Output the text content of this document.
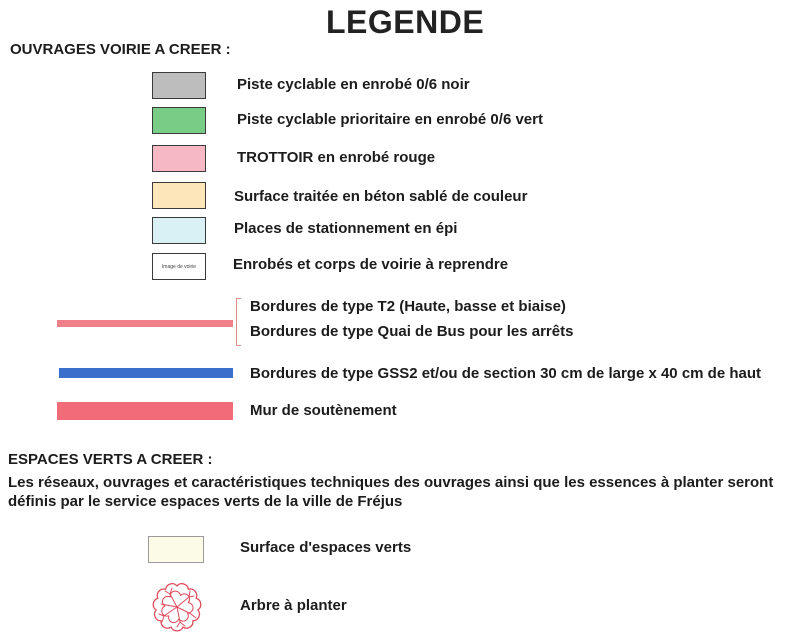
LEGENDE
OUVRAGES VOIRIE A CREER :
Piste cyclable en enrobé 0/6 noir
Piste cyclable prioritaire en enrobé 0/6 vert
TROTTOIR en enrobé rouge
Surface traitée en béton sablé de couleur
Places de stationnement en épi
Image de voirie	Enrobés et corps de voirie à reprendre
Bordures de type T2 (Haute, basse et biaise)
Bordures de type Quai de Bus pour les arrêts
Bordures de type GSS2 et/ou de section 30 cm de large x 40 cm de haut
Mur de soutènement
ESPACES VERTS A CREER :
Les réseaux, ouvrages et caractéristiques techniques des ouvrages ainsi que les essences à planter seront
définis par le service espaces verts de la ville de Fréjus
Surface d'espaces verts
Arbre à planter
